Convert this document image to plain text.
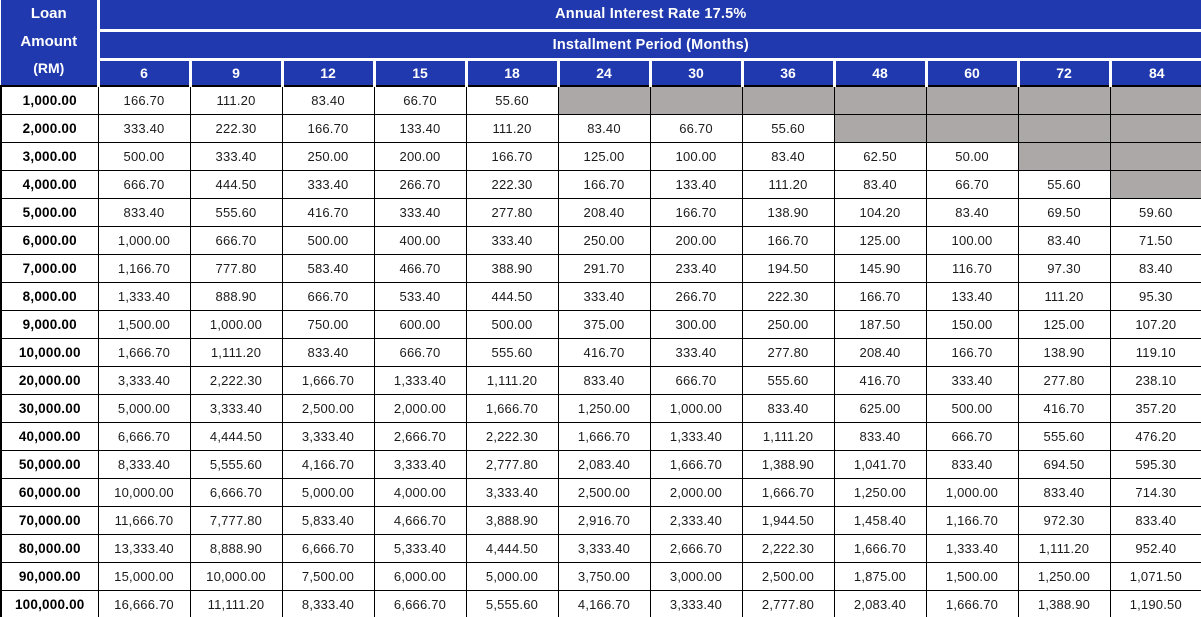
Loan Amount
(RM)	Annual Interest Rate 17.5%											
	Installment Period (Months)											
	6	9	12	15	18	24	30	36	48	60	72	84
1,000.00	166.70	111.20	83.40	66.70	55.60							
2,000.00	333.40	222.30	166.70	133.40	111.20	83.40	66.70	55.60				
3,000.00	500.00	333.40	250.00	200.00	166.70	125.00	100.00	83.40	62.50	50.00		
4,000.00	666.70	444.50	333.40	266.70	222.30	166.70	133.40	111.20	83.40	66.70	55.60	
5,000.00	833.40	555.60	416.70	333.40	277.80	208.40	166.70	138.90	104.20	83.40	69.50	59.60
6,000.00	1,000.00	666.70	500.00	400.00	333.40	250.00	200.00	166.70	125.00	100.00	83.40	71.50
7,000.00	1,166.70	777.80	583.40	466.70	388.90	291.70	233.40	194.50	145.90	116.70	97.30	83.40
8,000.00	1,333.40	888.90	666.70	533.40	444.50	333.40	266.70	222.30	166.70	133.40	111.20	95.30
9,000.00	1,500.00	1,000.00	750.00	600.00	500.00	375.00	300.00	250.00	187.50	150.00	125.00	107.20
10,000.00	1,666.70	1,111.20	833.40	666.70	555.60	416.70	333.40	277.80	208.40	166.70	138.90	119.10
20,000.00	3,333.40	2,222.30	1,666.70	1,333.40	1,111.20	833.40	666.70	555.60	416.70	333.40	277.80	238.10
30,000.00	5,000.00	3,333.40	2,500.00	2,000.00	1,666.70	1,250.00	1,000.00	833.40	625.00	500.00	416.70	357.20
40,000.00	6,666.70	4,444.50	3,333.40	2,666.70	2,222.30	1,666.70	1,333.40	1,111.20	833.40	666.70	555.60	476.20
50,000.00	8,333.40	5,555.60	4,166.70	3,333.40	2,777.80	2,083.40	1,666.70	1,388.90	1,041.70	833.40	694.50	595.30
60,000.00	10,000.00	6,666.70	5,000.00	4,000.00	3,333.40	2,500.00	2,000.00	1,666.70	1,250.00	1,000.00	833.40	714.30
70,000.00	11,666.70	7,777.80	5,833.40	4,666.70	3,888.90	2,916.70	2,333.40	1,944.50	1,458.40	1,166.70	972.30	833.40
80,000.00	13,333.40	8,888.90	6,666.70	5,333.40	4,444.50	3,333.40	2,666.70	2,222.30	1,666.70	1,333.40	1,111.20	952.40
90,000.00	15,000.00	10,000.00	7,500.00	6,000.00	5,000.00	3,750.00	3,000.00	2,500.00	1,875.00	1,500.00	1,250.00	1,071.50
100,000.00	16,666.70	11,111.20	8,333.40	6,666.70	5,555.60	4,166.70	3,333.40	2,777.80	2,083.40	1,666.70	1,388.90	1,190.50
